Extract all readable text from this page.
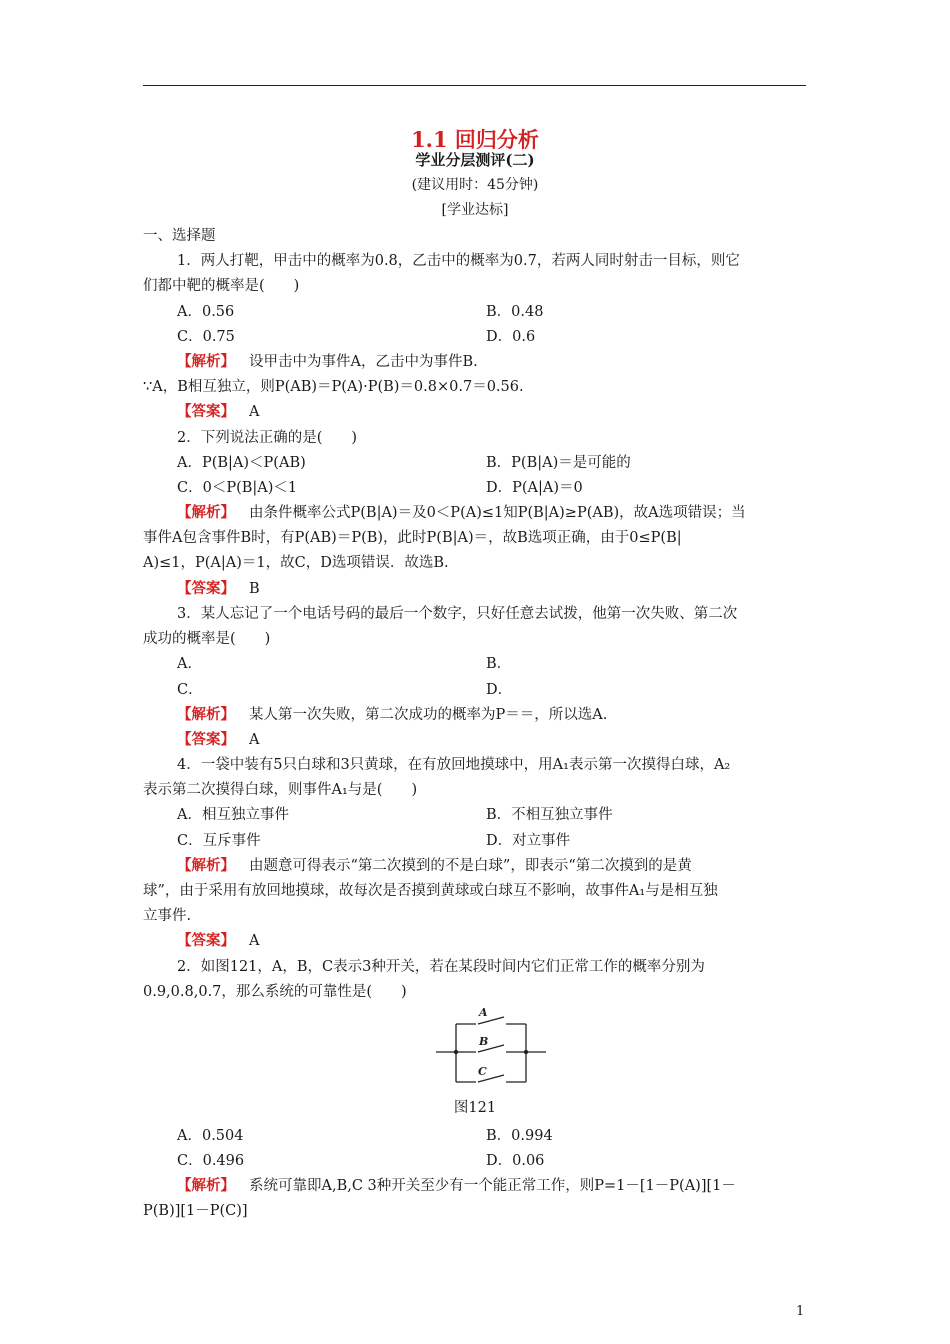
1.1 回归分析
学业分层测评(二)
(建议用时：45分钟)
[学业达标]
一、选择题
1．两人打靶，甲击中的概率为0.8，乙击中的概率为0.7，若两人同时射击一目标，则它
们都中靶的概率是(　　)
A．0.56	B．0.48
C．0.75	D．0.6
【解析】 设甲击中为事件A，乙击中为事件B.
∵A，B相互独立，则P(AB)＝P(A)·P(B)＝0.8×0.7＝0.56.
【答案】 A
2．下列说法正确的是(　　)
A．P(B|A)＜P(AB)	B．P(B|A)＝是可能的
C．0＜P(B|A)＜1	D．P(A|A)＝0
【解析】 由条件概率公式P(B|A)＝及0＜P(A)≤1知P(B|A)≥P(AB)，故A选项错误；当
事件A包含事件B时，有P(AB)＝P(B)，此时P(B|A)＝，故B选项正确，由于0≤P(B|
A)≤1，P(A|A)＝1，故C，D选项错误．故选B.
【答案】 B
3．某人忘记了一个电话号码的最后一个数字，只好任意去试拨，他第一次失败、第二次
成功的概率是(　　)
A．	B．
C．	D．
【解析】 某人第一次失败，第二次成功的概率为P＝＝，所以选A.
【答案】 A
4．一袋中装有5只白球和3只黄球，在有放回地摸球中，用A₁表示第一次摸得白球，A₂
表示第二次摸得白球，则事件A₁与是(　　)
A．相互独立事件	B．不相互独立事件
C．互斥事件	D．对立事件
【解析】 由题意可得表示“第二次摸到的不是白球”，即表示“第二次摸到的是黄
球”，由于采用有放回地摸球，故每次是否摸到黄球或白球互不影响，故事件A₁与是相互独
立事件.
【答案】 A
2．如图121，A，B，C表示3种开关，若在某段时间内它们正常工作的概率分别为
0.9,0.8,0.7，那么系统的可靠性是(　　)
A
B
C
图121
A．0.504	B．0.994
C．0.496	D．0.06
【解析】 系统可靠即A,B,C 3种开关至少有一个能正常工作，则P=1－[1－P(A)][1－
P(B)][1－P(C)]
1
